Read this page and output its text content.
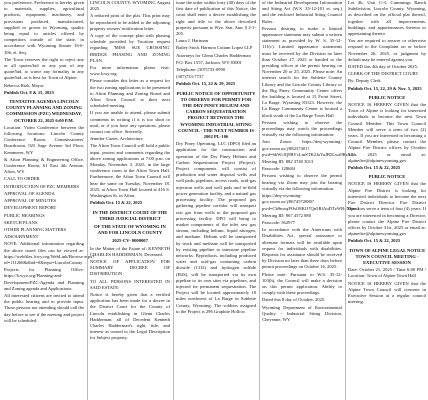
you preference. Preference is hereby given to materials, supplies, agricultural products, equipment, machinery, and provisions produced, manufactured, supplied or grown in Wyoming, quality being equal to articles offered by competitors outside of the state, in accordance with Wyoming Statute 16-6-106, et. Seq.

The Town reserves the right to reject any or all quotes/bid or any part of any quote/bid, to waive any formality in any quote/bid, as is best for Town of Alpine.

Rebecca Rizk, Mayor

Publish Oct. 8 & 15, 2025

TENTATIVE AGENDA LINCOLN COUNTY PLANNING AND ZONING COMMISSION (PZC) WEDNESDAY, OCTOBER 22, 2025 6:00 P.M.

Location: Video Conference between the following locations: Lincoln County Conference Room, Commissioners' Boardroom, 925 Sage Avenue 3rd Floor, Kemmerer, WY

& Afton Planning & Engineering Office, Conference Room, 61 East 4th Avenue, Afton, WY

CALL TO ORDER

INTRODUCTION OF PZC MEMBERS

APPROVAL OF AGENDA

APPROVAL OF MINUTES

DEVELOPMENT REPORT

PUBLIC HEARINGS

SKETCH PLANS

OTHER PLANNING MATTERS

ADJOURNMENT

NOTE: Additional information regarding the above noted files can be viewed at: https://webfiles.lcwy.org/WebLink/Browse.aspx?id=111268&dbid=0&repo=LincolnCounty

Projects for Planning Office: https://lcwyo.org/Planning-and-Development/PZC-Agenda and Planning and Zoning agenda and Applications.

All interested citizens are invited to attend the public hearing and to provide input. Those persons not attending should call the day before to see if the meeting and project will be scheduled.

LINCOLN COUNTY, WYOMING August 2025.

A reduced print of the plat. This print may be reproduced to be added to the adjoining property owners' notification letter.

A copy of the concept plan with phasing schedule provided by Vacation request regarding 'MISS SUE CROSSING' BRIDGE PHASING AND ZONING PLAN.

For more information please visit: www.lcwy.org

Please consider this letter as a request for the two zoning applications to be presented to Afton Planning and Zoning Board and Afton Town Council at their next scheduled meeting.

If you are unable to attend, please submit comments in writing if it is too short to mail, or if you have any questions, please contact our office. Sincerely,

Jennifer Cazier, Architecture

The Afton Town Council will hold a public input, protest and comments regarding the above zoning applications at 7:00 p.m. on Monday, November 3, 2025, in the large conference room at the Afton Town Hall. Furthermore, the Afton Town Council will hear the same on Tuesday, November 18, 2025, at Afton Town Hall located at 416 S. Washington St. in Afton.

Publish Oct. 15 & 22, 2025

IN THE DISTRICT COURT OF THE THIRD JUDICIAL DISTRICT

OF THE STATE OF WYOMING IN AND FOR LINCOLN COUNTY

2025-CV- 0000007

In the Matter of the Estate of: KENNETH CHARLES HADDERMAN, Deceased.

NOTICE OF APPLICATION FOR SUMMARY DECREE OF DISTRIBUTION

TO ALL PERSONS INTERESTED IN SAID ESTATE:

Notice is hereby given that a verified application has been made for a decree in the District Court for the County of Lincoln establishing in Glenn Charles Hadderman, all of Decedent Kenneth Charles Hadderman's right, title, and interest as owned to the Legal Description for Subject property.

issue the order within forty (40) days of the first date of publication of this Notice, the court shall enter a decree establishing the right and title to the above described property pursuant to Wyo. Stat. Ann. § 2-1-205.

Laura J. Hartman

Bailey Stock Harmon Cottam Lopez LLP

Attorneys for Glenn Charles Hadderman

P.O. Box 1557, Jackson, WY 83001

Telephone: (307)733-0990

(307)733-7737

Publish Oct. 15, 22 & 29, 2025

PUBLIC NOTICE OF OPPORTUNITY TO OBSERVE FOR PERMIT FOR THE DRY PINEY HELIUM AND CARBON SEQUESTRATION PROJECT BETWEEN THE WYOMING INDUSTRIAL SITING COUNCIL - THE NEXT NUMBER IS 2002 PL-106

Dry Piney Operating, LLC (DPO) filed an application for the construction and operation of the Dry Piney Helium and Carbon Sequestration Project (Project). Project components will consist of production and water disposal wells and well pads, pipelines, access roads, acid-gas injection wells and well pads and in-field power generation facility, and a natural gas processing facility. The proposed gas gathering pipeline corridor will transport raw gas from wells to the proposed gas processing facility. DPO will bring to market components of the inlet raw gas stream, including helium, liquid nitrogen, and methane. Helium will be transported by truck and methane will be transported by existing pipeline to interstate pipeline networks. Byproducts, including produced water and acid-gas containing carbon dioxide (CO2) and hydrogen sulfide (H2S), will be transported via its own pipeline to its own sites via pipelines, and injected for permanent sequestration. The Project will be located approximately 18 miles northwest of La Barge in Sublette County, Wyoming. The soldiers assigned to the Project is 296 Graphite Hollow.

of the Industrial Development Information and Siting Act (W.S. 35-12-101 et. seq.) and the enclosed Industrial Siting Council Rules.

Persons desiring to make a limited appearance statement may submit a written statement as provided by W. S. 35-12-111(c). Limited appearance statements must be received by the Division no later than October 27, 2025 or handed to the presiding officer at the permit hearing on November 20 or 25, 2025. Please note: An internet search for the Sublette County Library and the Lincoln County Library or the Big Piney Community Center offers the building is located at 15 Front Street, La Barge, Wyoming 83123. However, the La Barge Community Center is located a block south of the La Barge Town Hall.

Persons wishing to observe the proceedings may watch the proceedings virtually via the following information:

Join Zoom: https://deq-wyoming-gov.zoom.us/j/88237401?pwd=6bWclQ9BVcLmSTK2JaYuJB5Lwa9RtA.1

Meeting ID: 882 3740 3013

Passcode: 128684

Persons wishing to observe the permit hearing via Zoom may join the hearing virtually via the following information.

https://deq-wyoming-gov.zoom.us/j/8674572880?pwd=Cb9mxqPOsO8KO7Qn5RfAuDTzWB4Nqm.1

Meeting ID: 867 4572 880

Passcode: 562977

In accordance with the Americans with Disabilities Act, special assistance or alternate formats will be available upon request for individuals with disabilities. Requests for assistance should be received by Division no later than three days before permit proceedings on October 16, 2025.

Please note: Pursuant to W.S. 35-12-103(h), the Council will make a decision on this permit application. Ability to comply with these proceedings.

Dated this 8 day of October, 2025.

Wyoming Department of Environmental Quality - Industrial Siting Division, Cheyenne, WY

Lot 4b, Unit C-3, Cummings Ranch Subdivision, Lincoln County, Wyoming, as described on the official plat thereof, together with all improvements, buildings, and appurtenances thereon or appertaining thereto.

You are required to answer or otherwise respond to the Complaint on or before November 26, 2025, or judgment by default may be entered against you.

DATED this 4th day of October 2025.

CLERK OF THE DISTRICT COURT

By: Deputy Clerk

Publish Oct. 15, 22, 29 & Nov. 5, 2025

PUBLIC NOTICE

NOTICE IS HEREBY GIVEN that the Town of Alpine is looking for interested individuals to become the next Town Council Member. This Town Council Member will serve a term of two (2) years. If you are interested in becoming a Council Member, please contact the Alpine Fire District offices by October 24th, 2025 or email at: alpinefire@alpinewyoming.gov

Publish Oct. 15 & 22, 2025

PUBLIC NOTICE

NOTICE IS HEREBY GIVEN that the Alpine Fire District is looking for interested individuals to become the next Fire District Director. Fire District Directors serve a term of four (4) years. If you are interested in becoming a Director, please contact the Alpine Fire District offices by October 31st, 2025 or email at: alpinefire@alpinewyoming.gov

Publish Oct. 15 & 22, 2025

TOWN OF ALPINE LEGAL NOTICE TOWN COUNCIL MEETING - EXECUTIVE SESSION

Date: October 21, 2025 / Time 6:00 PM / Location: Town of Alpine Town Hall

NOTICE IS HEREBY GIVEN that the Alpine Town Council will convene in Executive Session at a regular council meeting.
